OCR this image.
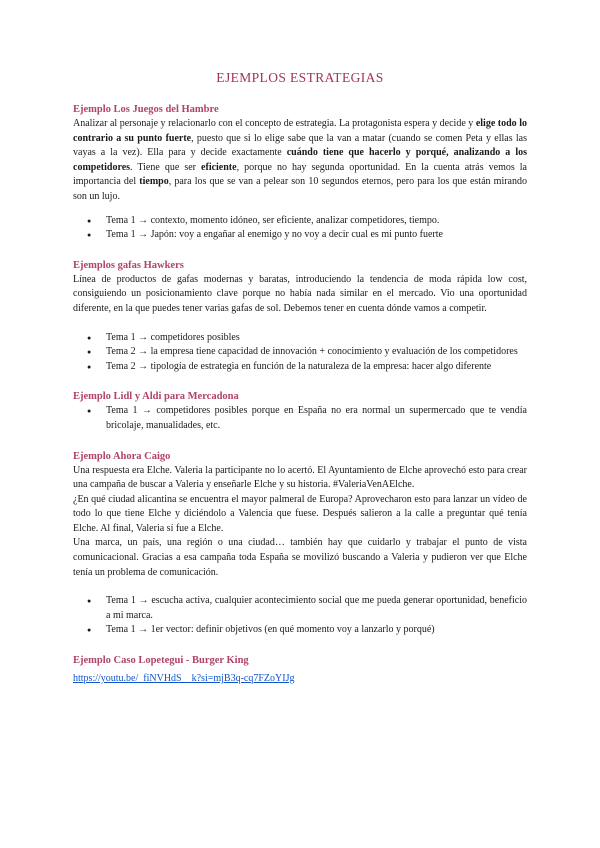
EJEMPLOS ESTRATEGIAS
Ejemplo Los Juegos del Hambre

Analizar al personaje y relacionarlo con el concepto de estrategia. La protagonista espera y decide y elige todo lo contrario a su punto fuerte, puesto que si lo elige sabe que la van a matar (cuando se comen Peta y ellas las vayas a la vez). Ella para y decide exactamente cuándo tiene que hacerlo y porqué, analizando a los competidores. Tiene que ser eficiente, porque no hay segunda oportunidad. En la cuenta atrás vemos la importancia del tiempo, para los que se van a pelear son 10 segundos eternos, pero para los que están mirando son un lujo.

● Tema 1 → contexto, momento idóneo, ser eficiente, analizar competidores, tiempo.
● Tema 1 → Japón: voy a engañar al enemigo y no voy a decir cual es mi punto fuerte
Ejemplos gafas Hawkers

Línea de productos de gafas modernas y baratas, introduciendo la tendencia de moda rápida low cost, consiguiendo un posicionamiento clave porque no había nada similar en el mercado. Vio una oportunidad diferente, en la que puedes tener varias gafas de sol. Debemos tener en cuenta dónde vamos a competir.

● Tema 1 → competidores posibles
● Tema 2 → la empresa tiene capacidad de innovación + conocimiento y evaluación de los competidores
● Tema 2 → tipología de estrategia en función de la naturaleza de la empresa: hacer algo diferente
Ejemplo Lidl y Aldi para Mercadona
● Tema 1 → competidores posibles porque en España no era normal un supermercado que te vendía bricolaje, manualidades, etc.
Ejemplo Ahora Caigo

Una respuesta era Elche. Valeria la participante no lo acertó. El Ayuntamiento de Elche aprovechó esto para crear una campaña de buscar a Valeria y enseñarle Elche y su historia. #ValeriaVenAElche.

¿En qué ciudad alicantina se encuentra el mayor palmeral de Europa? Aprovecharon esto para lanzar un vídeo de todo lo que tiene Elche y diciéndolo a Valencia que fuese. Después salieron a la calle a preguntar qué tenía Elche. Al final, Valeria sí fue a Elche.

Una marca, un país, una región o una ciudad… también hay que cuidarlo y trabajar el punto de vista comunicacional. Gracias a esa campaña toda España se movilizó buscando a Valeria y pudieron ver que Elche tenía un problema de comunicación.

● Tema 1 → escucha activa, cualquier acontecimiento social que me pueda generar oportunidad, beneficio a mi marca.
● Tema 1 → 1er vector: definir objetivos (en qué momento voy a lanzarlo y porqué)
Ejemplo Caso Lopetegui - Burger King
https://youtu.be/_fiNVHdS__k?si=mjB3q-cq7FZoYIJg
